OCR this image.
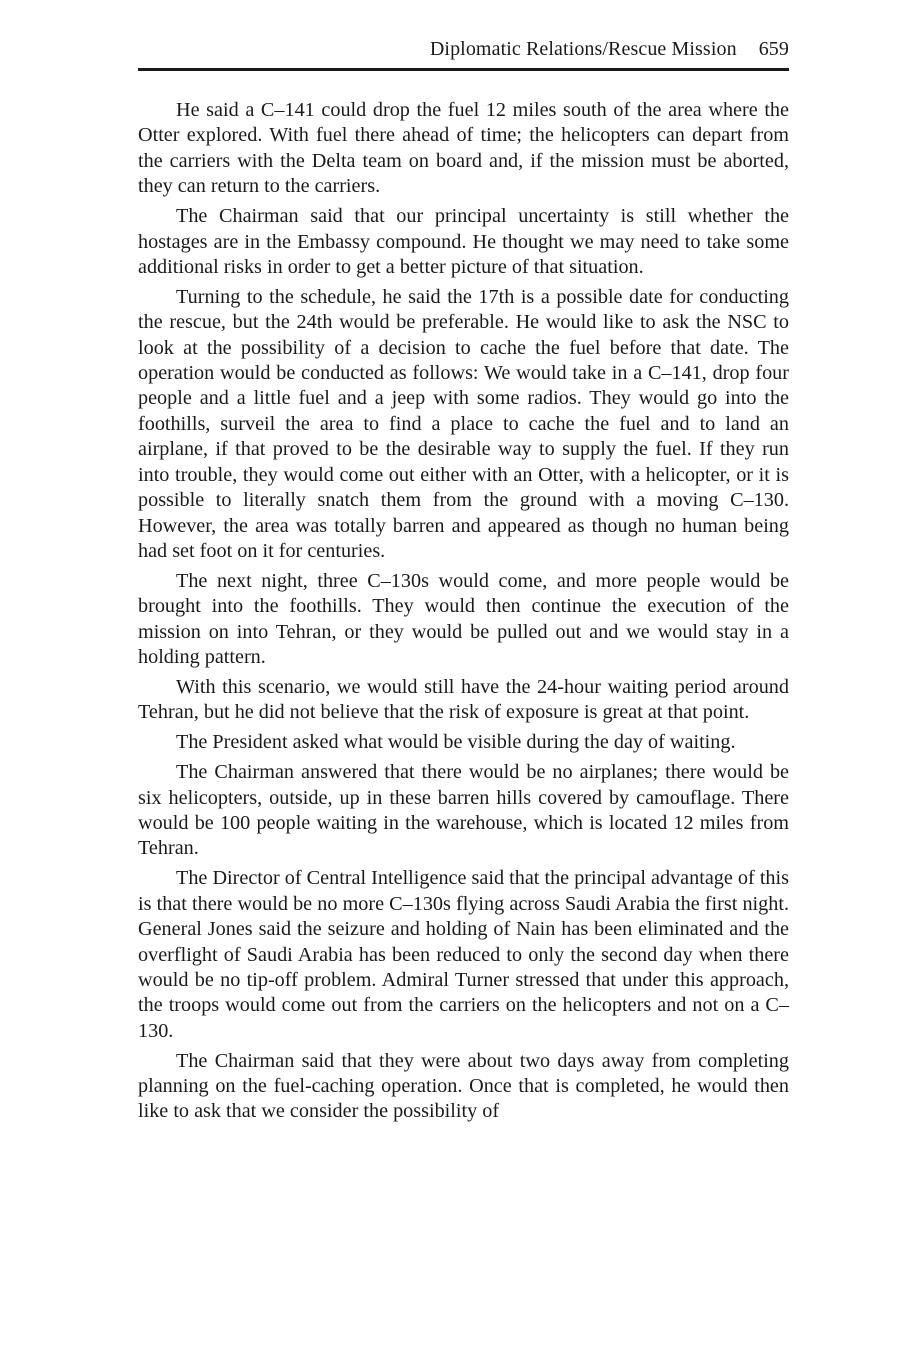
Diplomatic Relations/Rescue Mission 659

He said a C–141 could drop the fuel 12 miles south of the area where the Otter explored. With fuel there ahead of time; the helicopters can depart from the carriers with the Delta team on board and, if the mission must be aborted, they can return to the carriers.

The Chairman said that our principal uncertainty is still whether the hostages are in the Embassy compound. He thought we may need to take some additional risks in order to get a better picture of that situation.

Turning to the schedule, he said the 17th is a possible date for conducting the rescue, but the 24th would be preferable. He would like to ask the NSC to look at the possibility of a decision to cache the fuel before that date. The operation would be conducted as follows: We would take in a C–141, drop four people and a little fuel and a jeep with some radios. They would go into the foothills, surveil the area to find a place to cache the fuel and to land an airplane, if that proved to be the desirable way to supply the fuel. If they run into trouble, they would come out either with an Otter, with a helicopter, or it is possible to literally snatch them from the ground with a moving C–130. However, the area was totally barren and appeared as though no human being had set foot on it for centuries.

The next night, three C–130s would come, and more people would be brought into the foothills. They would then continue the execution of the mission on into Tehran, or they would be pulled out and we would stay in a holding pattern.

With this scenario, we would still have the 24-hour waiting period around Tehran, but he did not believe that the risk of exposure is great at that point.

The President asked what would be visible during the day of waiting.

The Chairman answered that there would be no airplanes; there would be six helicopters, outside, up in these barren hills covered by camouflage. There would be 100 people waiting in the warehouse, which is located 12 miles from Tehran.

The Director of Central Intelligence said that the principal advantage of this is that there would be no more C–130s flying across Saudi Arabia the first night. General Jones said the seizure and holding of Nain has been eliminated and the overflight of Saudi Arabia has been reduced to only the second day when there would be no tip-off problem. Admiral Turner stressed that under this approach, the troops would come out from the carriers on the helicopters and not on a C–130.

The Chairman said that they were about two days away from completing planning on the fuel-caching operation. Once that is completed, he would then like to ask that we consider the possibility of
